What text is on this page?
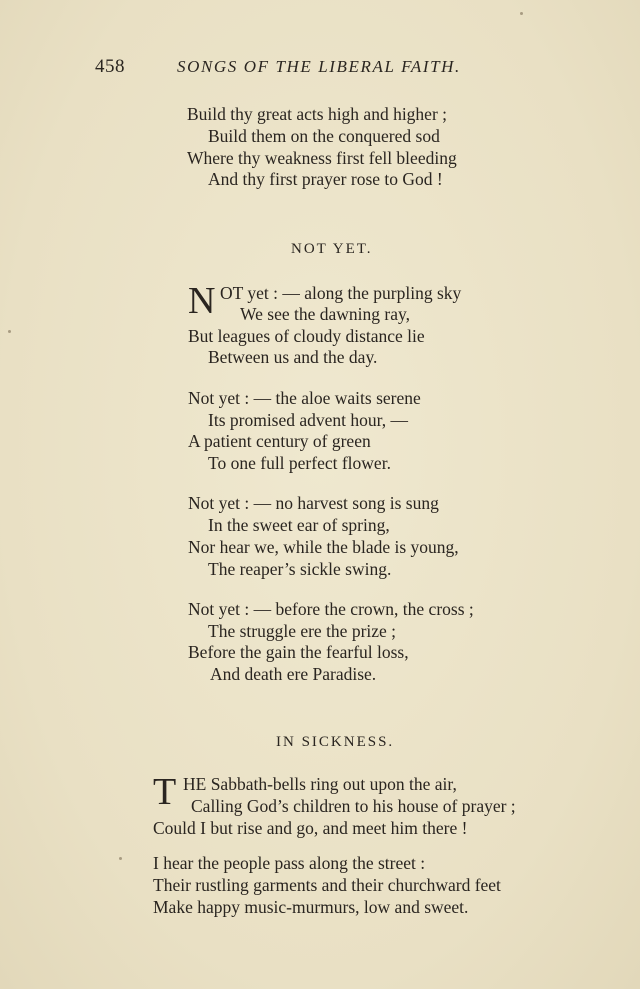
458	SONGS OF THE LIBERAL FAITH.
Build thy great acts high and higher ;
Build them on the conquered sod
Where thy weakness first fell bleeding
And thy first prayer rose to God !
NOT YET.
N OT yet : — along the purpling sky
We see the dawning ray,
But leagues of cloudy distance lie
Between us and the day.
Not yet : — the aloe waits serene
Its promised advent hour, —
A patient century of green
To one full perfect flower.
Not yet : — no harvest song is sung
In the sweet ear of spring,
Nor hear we, while the blade is young,
The reaper’s sickle swing.
Not yet : — before the crown, the cross ;
The struggle ere the prize ;
Before the gain the fearful loss,
And death ere Paradise.
IN SICKNESS.
T HE Sabbath-bells ring out upon the air,
Calling God’s children to his house of prayer ;
Could I but rise and go, and meet him there !
I hear the people pass along the street :
Their rustling garments and their churchward feet
Make happy music-murmurs, low and sweet.
